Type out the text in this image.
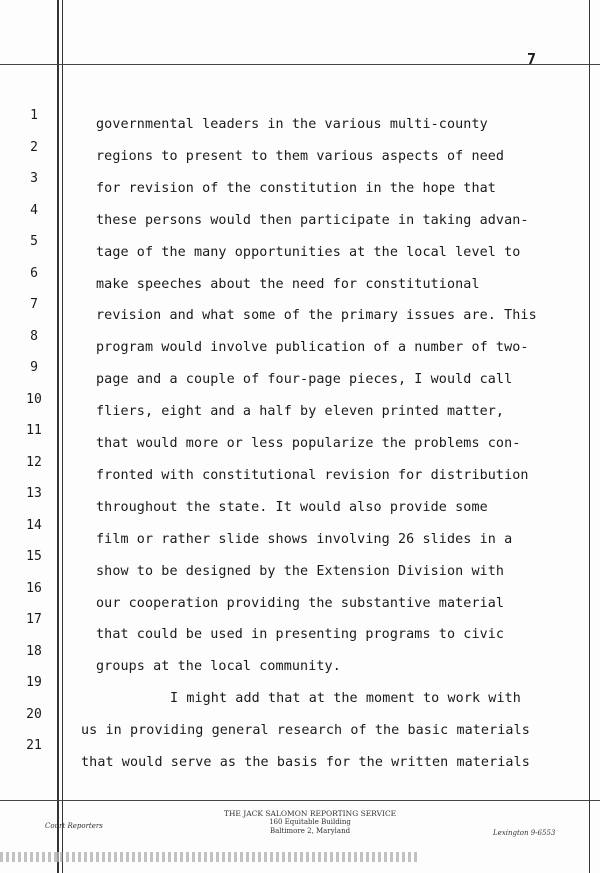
7
1
governmental leaders in the various multi-county
2
regions to present to them various aspects of need
3
for revision of the constitution in the hope that
4
these persons would then participate in taking advan-
5
tage of the many opportunities at the local level to
6
make speeches about the need for constitutional
7
revision and what some of the primary issues are. This
8
program would involve publication of a number of two-
9
page and a couple of four-page pieces, I would call
10
fliers, eight and a half by eleven printed matter,
11
that would more or less popularize the problems con-
12
fronted with constitutional revision for distribution
13
throughout the state. It would also provide some
14
film or rather slide shows involving 26 slides in a
15
show to be designed by the Extension Division with
16
our cooperation providing the substantive material
17
that could be used in presenting programs to civic
18
groups at the local community.
19
I might add that at the moment to work with
20
us in providing general research of the basic materials
21
that would serve as the basis for the written materials
Court Reporters
THE JACK SALOMON REPORTING SERVICE
160 Equitable Building
Baltimore 2, Maryland	Lexington 9-6553
